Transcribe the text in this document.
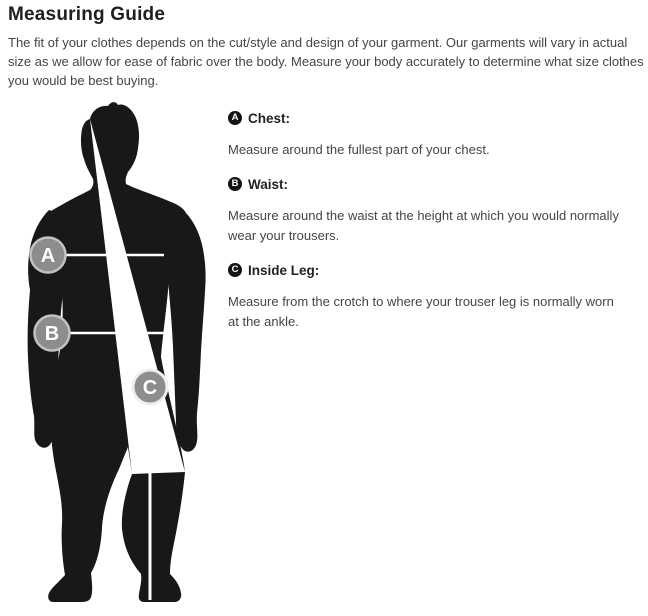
Measuring Guide

The fit of your clothes depends on the cut/style and design of your garment. Our garments will vary in actual size as we allow for ease of fabric over the body. Measure your body accurately to determine what size clothes you would be best buying.

A
B
C
A Chest:

Measure around the fullest part of your chest.

B Waist:

Measure around the waist at the height at which you would normally wear your trousers.

C Inside Leg:

Measure from the crotch to where your trouser leg is normally worn at the ankle.
